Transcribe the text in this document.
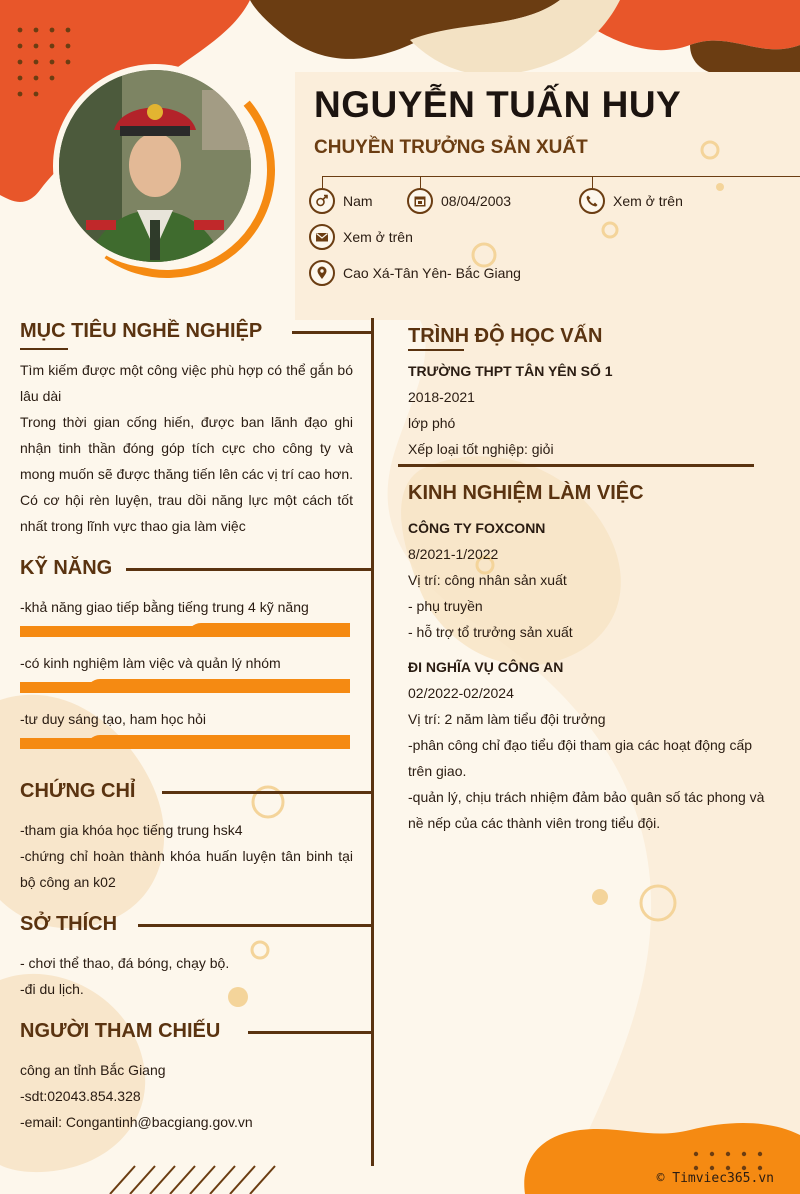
NGUYỄN TUẤN HUY
CHUYỀN TRƯỞNG SẢN XUẤT
Nam	08/04/2003	Xem ở trên
Xem ở trên
Cao Xá-Tân Yên- Bắc Giang
MỤC TIÊU NGHỀ NGHIỆP

Tìm kiếm được một công việc phù hợp có thể gắn bó lâu dài

Trong thời gian cống hiến, được ban lãnh đạo ghi nhận tinh thần đóng góp tích cực cho công ty và mong muốn sẽ được thăng tiến lên các vị trí cao hơn. Có cơ hội rèn luyện, trau dồi năng lực một cách tốt nhất trong lĩnh vực thao gia làm việc

KỸ NĂNG
-khả năng giao tiếp bằng tiếng trung 4 kỹ năng
-có kinh nghiệm làm việc và quản lý nhóm
-tư duy sáng tạo, ham học hỏi
CHỨNG CHỈ

-tham gia khóa học tiếng trung hsk4

-chứng chỉ hoàn thành khóa huấn luyện tân binh tại bộ công an k02

SỞ THÍCH

- chơi thể thao, đá bóng, chạy bộ.

-đi du lịch.

NGƯỜI THAM CHIẾU

công an tỉnh Bắc Giang

-sdt:02043.854.328

-email: Congantinh@bacgiang.gov.vn

TRÌNH ĐỘ HỌC VẤN

TRƯỜNG THPT TÂN YÊN SỐ 1

2018-2021

lớp phó

Xếp loại tốt nghiệp: giỏi

KINH NGHIỆM LÀM VIỆC

CÔNG TY FOXCONN

8/2021-1/2022

Vị trí: công nhân sản xuất

- phụ truyền

- hỗ trợ tổ trưởng sản xuất

ĐI NGHĨA VỤ CÔNG AN

02/2022-02/2024

Vị trí: 2 năm làm tiểu đội trưởng

-phân công chỉ đạo tiểu đội tham gia các hoạt động cấp trên giao.

-quản lý, chịu trách nhiệm đảm bảo quân số tác phong và nề nếp của các thành viên trong tiểu đội.

© Timviec365.vn
